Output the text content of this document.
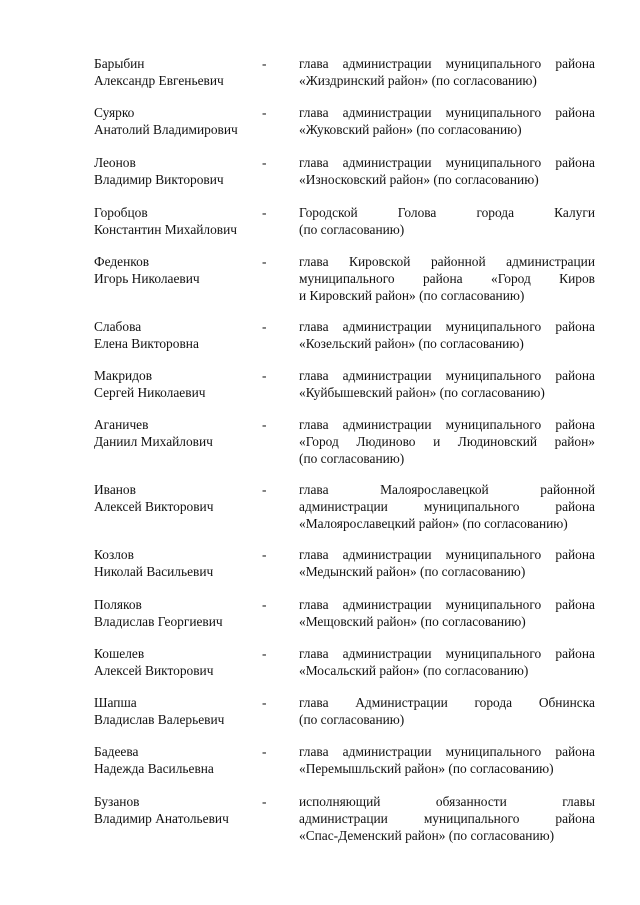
Барыбин
Александр Евгеньевич
- глава администрации муниципального района
«Жиздринский район» (по согласованию)
Суярко
Анатолий Владимирович
- глава администрации муниципального района
«Жуковский район» (по согласованию)
Леонов
Владимир Викторович
- глава администрации муниципального района
«Износковский район» (по согласованию)
Горобцов
Константин Михайлович
- Городской Голова города Калуги
(по согласованию)
Феденков
Игорь Николаевич
- глава Кировской районной администрации
муниципального района «Город Киров
и Кировский район» (по согласованию)
Слабова
Елена Викторовна
- глава администрации муниципального района
«Козельский район» (по согласованию)
Макридов
Сергей Николаевич
- глава администрации муниципального района
«Куйбышевский район» (по согласованию)
Аганичев
Даниил Михайлович
- глава администрации муниципального района
«Город Людиново и Людиновский район»
(по согласованию)
Иванов
Алексей Викторович
- глава Малоярославецкой районной
администрации муниципального района
«Малоярославецкий район» (по согласованию)
Козлов
Николай Васильевич
- глава администрации муниципального района
«Медынский район» (по согласованию)
Поляков
Владислав Георгиевич
- глава администрации муниципального района
«Мещовский район» (по согласованию)
Кошелев
Алексей Викторович
- глава администрации муниципального района
«Мосальский район» (по согласованию)
Шапша
Владислав Валерьевич
- глава Администрации города Обнинска
(по согласованию)
Бадеева
Надежда Васильевна
- глава администрации муниципального района
«Перемышльский район» (по согласованию)
Бузанов
Владимир Анатольевич
- исполняющий обязанности главы
администрации муниципального района
«Спас-Деменский район» (по согласованию)
